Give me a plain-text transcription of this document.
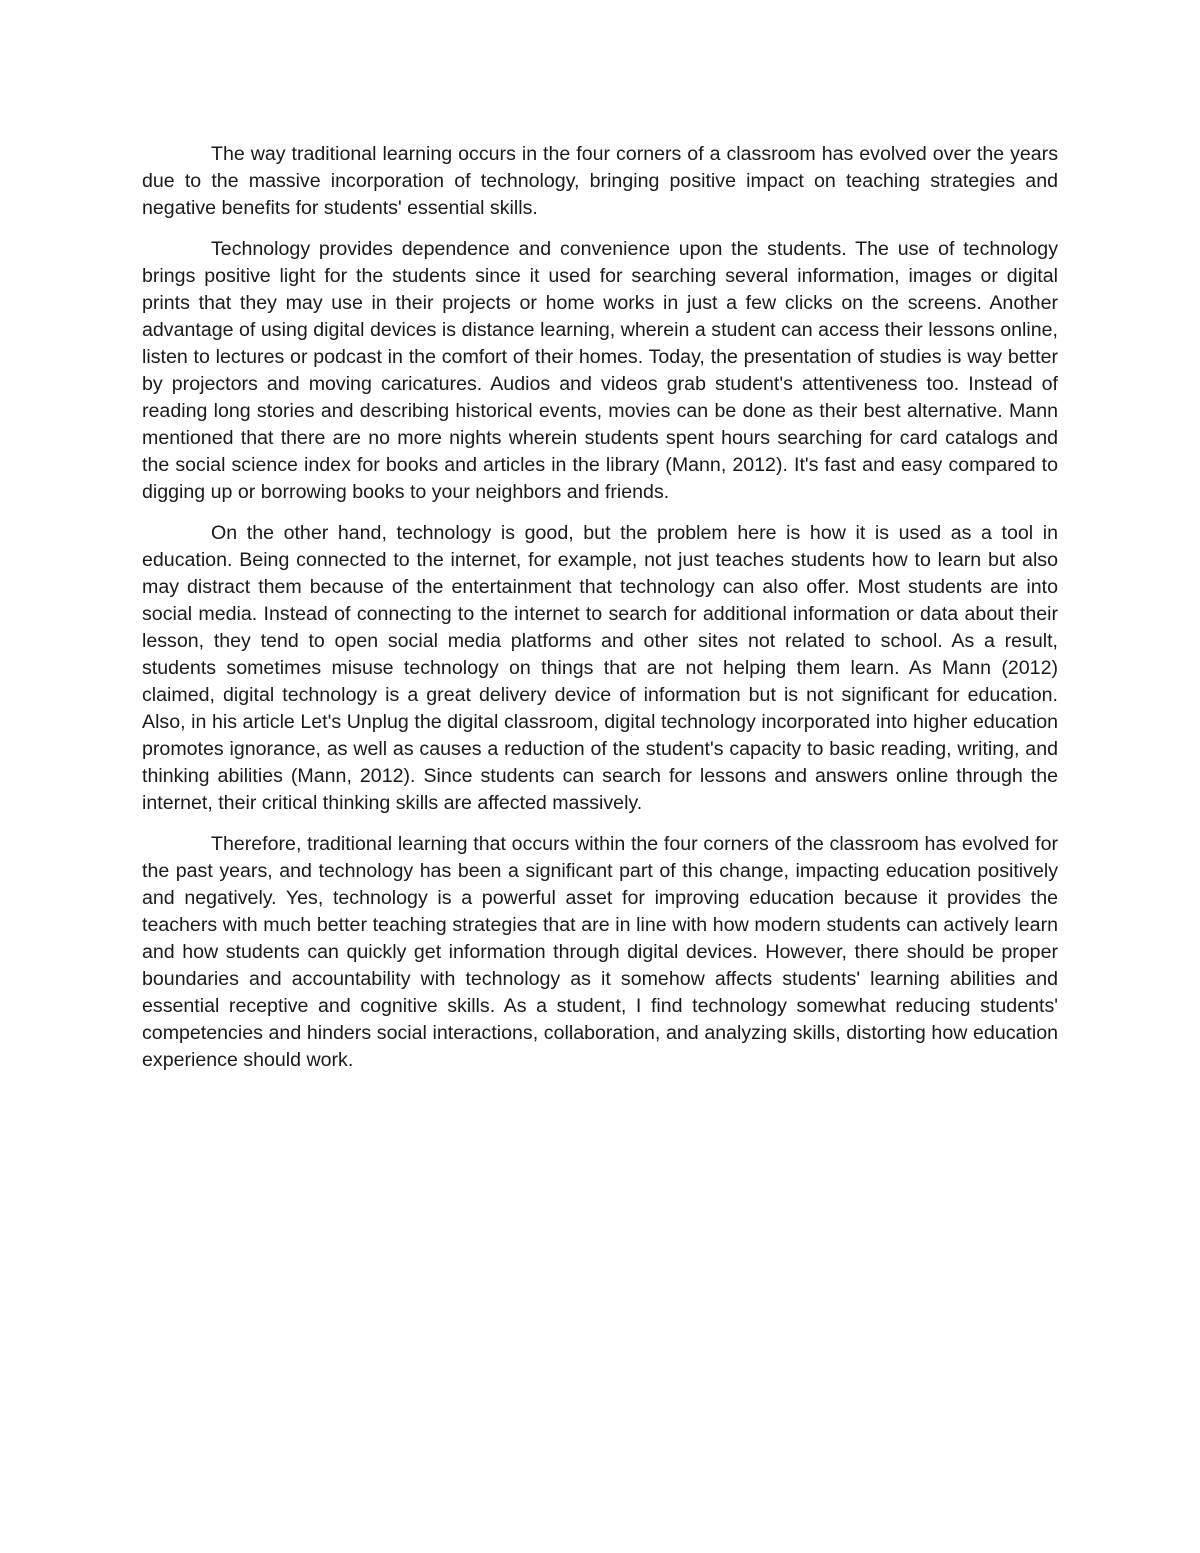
The way traditional learning occurs in the four corners of a classroom has evolved over the years due to the massive incorporation of technology, bringing positive impact on teaching strategies and negative benefits for students' essential skills.

Technology provides dependence and convenience upon the students. The use of technology brings positive light for the students since it used for searching several information, images or digital prints that they may use in their projects or home works in just a few clicks on the screens. Another advantage of using digital devices is distance learning, wherein a student can access their lessons online, listen to lectures or podcast in the comfort of their homes. Today, the presentation of studies is way better by projectors and moving caricatures. Audios and videos grab student's attentiveness too. Instead of reading long stories and describing historical events, movies can be done as their best alternative. Mann mentioned that there are no more nights wherein students spent hours searching for card catalogs and the social science index for books and articles in the library (Mann, 2012). It's fast and easy compared to digging up or borrowing books to your neighbors and friends.

On the other hand, technology is good, but the problem here is how it is used as a tool in education. Being connected to the internet, for example, not just teaches students how to learn but also may distract them because of the entertainment that technology can also offer. Most students are into social media. Instead of connecting to the internet to search for additional information or data about their lesson, they tend to open social media platforms and other sites not related to school. As a result, students sometimes misuse technology on things that are not helping them learn. As Mann (2012) claimed, digital technology is a great delivery device of information but is not significant for education. Also, in his article Let's Unplug the digital classroom, digital technology incorporated into higher education promotes ignorance, as well as causes a reduction of the student's capacity to basic reading, writing, and thinking abilities (Mann, 2012). Since students can search for lessons and answers online through the internet, their critical thinking skills are affected massively.

Therefore, traditional learning that occurs within the four corners of the classroom has evolved for the past years, and technology has been a significant part of this change, impacting education positively and negatively. Yes, technology is a powerful asset for improving education because it provides the teachers with much better teaching strategies that are in line with how modern students can actively learn and how students can quickly get information through digital devices. However, there should be proper boundaries and accountability with technology as it somehow affects students' learning abilities and essential receptive and cognitive skills. As a student, I find technology somewhat reducing students' competencies and hinders social interactions, collaboration, and analyzing skills, distorting how education experience should work.
